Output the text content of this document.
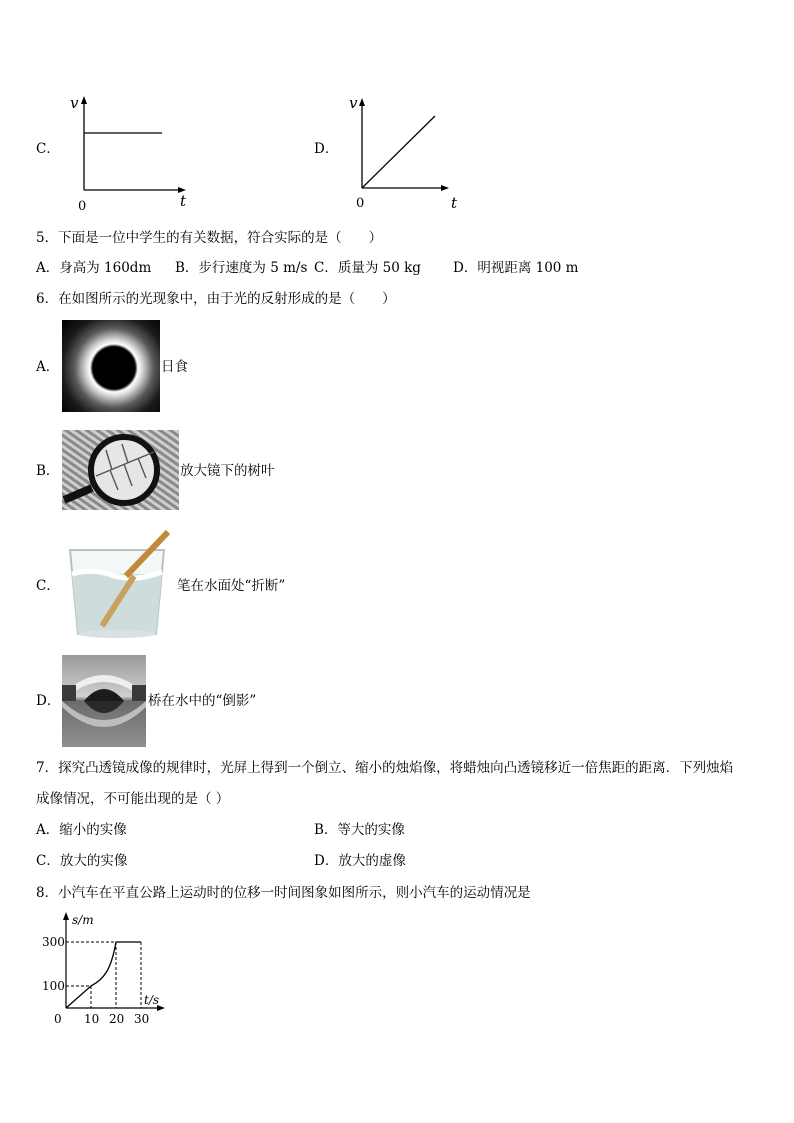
C．
v
t
0
D．
v
t
0
5．下面是一位中学生的有关数据，符合实际的是（　　）
A．身高为 160dm B．步行速度为 5 m/s C．质量为 50 kg D．明视距离 100 m
6．在如图所示的光现象中，由于光的反射形成的是（　　）
A．	日食
B．	放大镜下的树叶
C．	笔在水面处“折断”
D．	桥在水中的“倒影”
7．探究凸透镜成像的规律时，光屏上得到一个倒立、缩小的烛焰像，将蜡烛向凸透镜移近一倍焦距的距离．下列烛焰
成像情况，不可能出现的是（ ）
A．缩小的实像	B．等大的实像
C．放大的实像	D．放大的虚像
8．小汽车在平直公路上运动时的位移一时间图象如图所示，则小汽车的运动情况是
s/m
t/s
100
300
0 10 20 30
